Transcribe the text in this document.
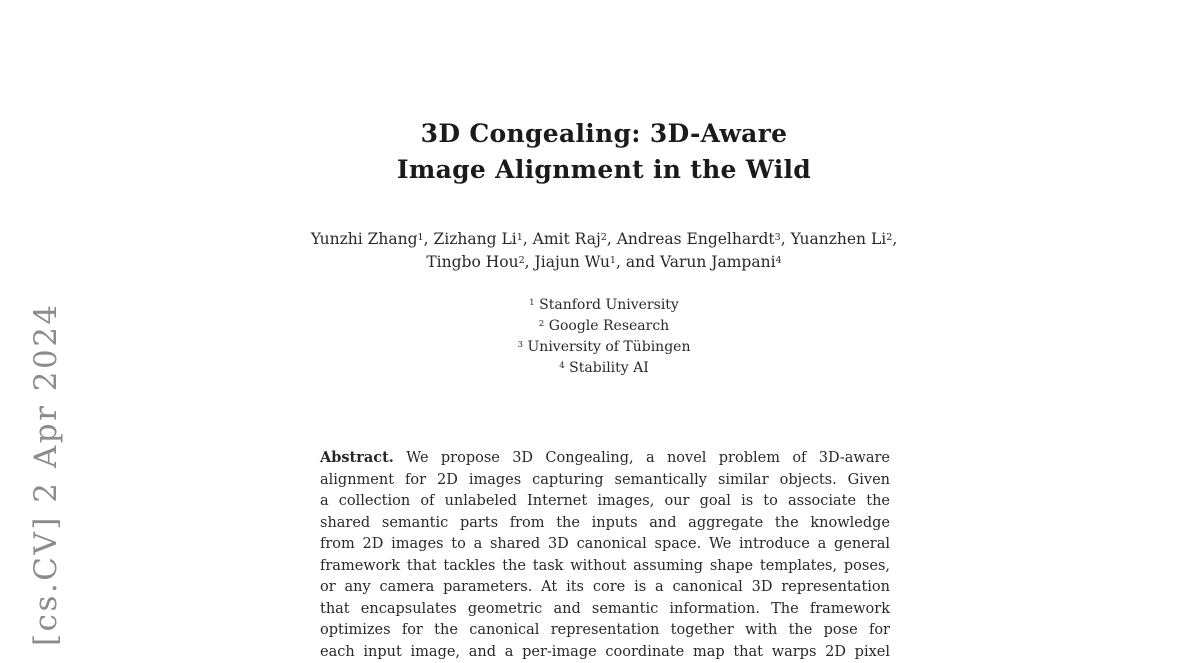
[cs.CV] 2 Apr 2024
3D Congealing: 3D-Aware
Image Alignment in the Wild
Yunzhi Zhang$^1$, Zizhang Li$^1$, Amit Raj$^2$, Andreas Engelhardt$^3$, Yuanzhen Li$^2$,
Tingbo Hou$^2$, Jiajun Wu$^1$, and Varun Jampani$^4$
$^1$ Stanford University
$^2$ Google Research
$^3$ University of Tübingen
$^4$ Stability AI
Abstract. We propose 3D Congealing, a novel problem of 3D-aware
alignment for 2D images capturing semantically similar objects. Given
a collection of unlabeled Internet images, our goal is to associate the
shared semantic parts from the inputs and aggregate the knowledge
from 2D images to a shared 3D canonical space. We introduce a general
framework that tackles the task without assuming shape templates, poses,
or any camera parameters. At its core is a canonical 3D representation
that encapsulates geometric and semantic information. The framework
optimizes for the canonical representation together with the pose for
each input image, and a per-image coordinate map that warps 2D pixel
